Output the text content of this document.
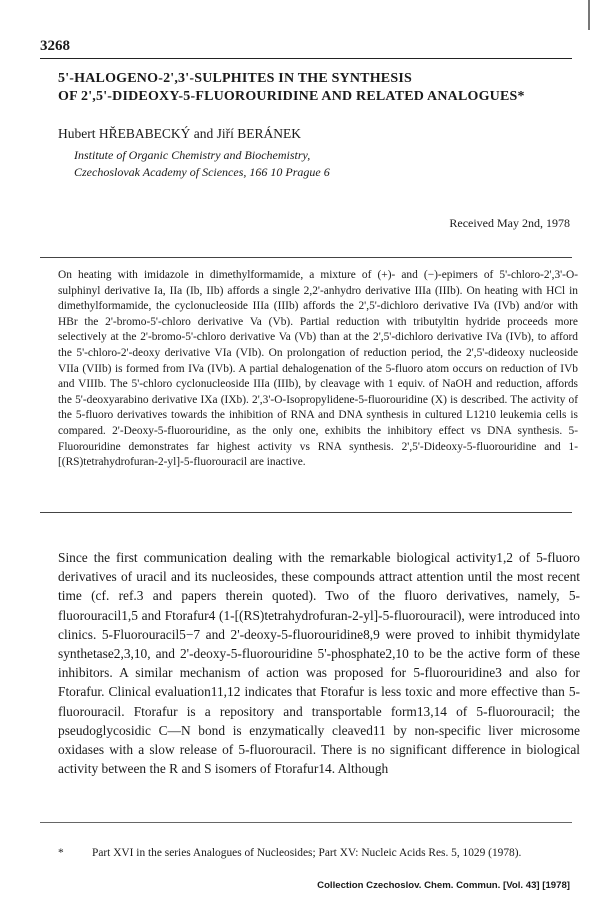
3268
5'-HALOGENO-2',3'-SULPHITES IN THE SYNTHESIS
OF 2',5'-DIDEOXY-5-FLUOROURIDINE AND RELATED ANALOGUES*
Hubert HŘEBABECKÝ and Jiří BERÁNEK
Institute of Organic Chemistry and Biochemistry,
Czechoslovak Academy of Sciences, 166 10 Prague 6
Received May 2nd, 1978
On heating with imidazole in dimethylformamide, a mixture of (+)- and (−)-epimers of 5'-chloro-2',3'-O-sulphinyl derivative Ia, IIa (Ib, IIb) affords a single 2,2'-anhydro derivative IIIa (IIIb). On heating with HCl in dimethylformamide, the cyclonucleoside IIIa (IIIb) affords the 2',5'-dichloro derivative IVa (IVb) and/or with HBr the 2'-bromo-5'-chloro derivative Va (Vb). Partial reduction with tributyltin hydride proceeds more selectively at the 2'-bromo-5'-chloro derivative Va (Vb) than at the 2',5'-dichloro derivative IVa (IVb), to afford the 5'-chloro-2'-deoxy derivative VIa (VIb). On prolongation of reduction period, the 2',5'-dideoxy nucleoside VIIa (VIIb) is formed from IVa (IVb). A partial dehalogenation of the 5-fluoro atom occurs on reduction of IVb and VIIIb. The 5'-chloro cyclonucleoside IIIa (IIIb), by cleavage with 1 equiv. of NaOH and reduction, affords the 5'-deoxyarabino derivative IXa (IXb). 2',3'-O-Isopropylidene-5-fluorouridine (X) is described. The activity of the 5-fluoro derivatives towards the inhibition of RNA and DNA synthesis in cultured L1210 leukemia cells is compared. 2'-Deoxy-5-fluorouridine, as the only one, exhibits the inhibitory effect vs DNA synthesis. 5-Fluorouridine demonstrates far highest activity vs RNA synthesis. 2',5'-Dideoxy-5-fluorouridine and 1-[(RS)tetrahydrofuran-2-yl]-5-fluorouracil are inactive.
Since the first communication dealing with the remarkable biological activity1,2 of 5-fluoro derivatives of uracil and its nucleosides, these compounds attract attention until the most recent time (cf. ref.3 and papers therein quoted). Two of the fluoro derivatives, namely, 5-fluorouracil1,5 and Ftorafur4 (1-[(RS)tetrahydrofuran-2-yl]-5-fluorouracil), were introduced into clinics. 5-Fluorouracil5−7 and 2'-deoxy-5-fluorouridine8,9 were proved to inhibit thymidylate synthetase2,3,10, and 2'-deoxy-5-fluorouridine 5'-phosphate2,10 to be the active form of these inhibitors. A similar mechanism of action was proposed for 5-fluorouridine3 and also for Ftorafur. Clinical evaluation11,12 indicates that Ftorafur is less toxic and more effective than 5-fluorouracil. Ftorafur is a repository and transportable form13,14 of 5-fluorouracil; the pseudoglycosidic C—N bond is enzymatically cleaved11 by non-specific liver microsome oxidases with a slow release of 5-fluorouracil. There is no significant difference in biological activity between the R and S isomers of Ftorafur14. Although
* Part XVI in the series Analogues of Nucleosides; Part XV: Nucleic Acids Res. 5, 1029 (1978).
Collection Czechoslov. Chem. Commun. [Vol. 43] [1978]
